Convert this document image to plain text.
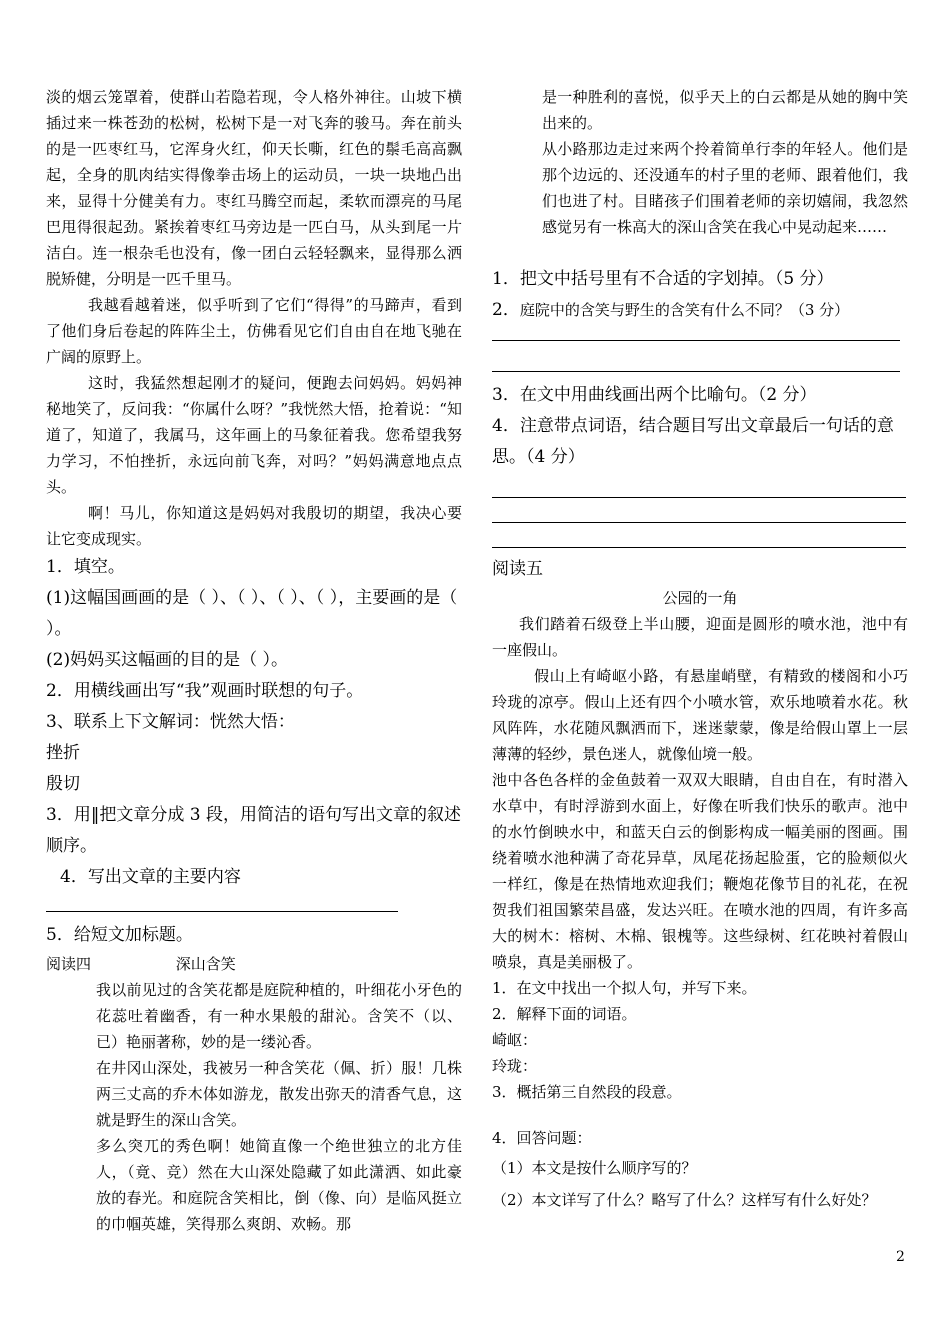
淡的烟云笼罩着，使群山若隐若现，令人格外神往。山坡下横插过来一株苍劲的松树，松树下是一对飞奔的骏马。奔在前头的是一匹枣红马，它浑身火红，仰天长嘶，红色的鬃毛高高飘起，全身的肌肉结实得像拳击场上的运动员，一块一块地凸出来，显得十分健美有力。枣红马腾空而起，柔软而漂亮的马尾巴甩得很起劲。紧挨着枣红马旁边是一匹白马，从头到尾一片洁白。连一根杂毛也没有，像一团白云轻轻飘来，显得那么洒脱矫健，分明是一匹千里马。

我越看越着迷，似乎听到了它们“得得”的马蹄声，看到了他们身后卷起的阵阵尘土，仿佛看见它们自由自在地飞驰在广阔的原野上。

这时，我猛然想起刚才的疑问，便跑去问妈妈。妈妈神秘地笑了，反问我：“你属什么呀？”我恍然大悟，抢着说：“知道了，知道了，我属马，这年画上的马象征着我。您希望我努力学习，不怕挫折，永远向前飞奔，对吗？”妈妈满意地点点头。

啊！马儿，你知道这是妈妈对我殷切的期望，我决心要让它变成现实。

1．填空。

(1)这幅国画画的是（ ）、（ ）、（ ）、（ ），主要画的是（ ）。

(2)妈妈买这幅画的目的是（ ）。

2．用横线画出写“我”观画时联想的句子。

3、联系上下文解词：恍然大悟：

挫折

殷切

3．用‖把文章分成 3 段，用简洁的语句写出文章的叙述顺序。

4．写出文章的主要内容

5．给短文加标题。

阅读四	深山含笑

我以前见过的含笑花都是庭院种植的，叶细花小牙色的花蕊吐着幽香，有一种水果般的甜沁。含笑不（以、已）艳丽著称，妙的是一缕沁香。

在井冈山深处，我被另一种含笑花（佩、折）服！几株两三丈高的乔木体如游龙，散发出弥天的清香气息，这就是野生的深山含笑。

多么突兀的秀色啊！她简直像一个绝世独立的北方佳人，（竟、竞）然在大山深处隐藏了如此潇洒、如此豪放的春光。和庭院含笑相比，倒（像、向）是临风挺立的巾帼英雄，笑得那么爽朗、欢畅。那

是一种胜利的喜悦，似乎天上的白云都是从她的胸中笑出来的。

从小路那边走过来两个拎着简单行李的年轻人。他们是那个边远的、还没通车的村子里的老师、跟着他们，我们也进了村。目睹孩子们围着老师的亲切嬉闹，我忽然感觉另有一株高大的深山含笑在我心中晃动起来……

1．把文中括号里有不合适的字划掉。（5 分）

2．庭院中的含笑与野生的含笑有什么不同？（3 分）

3．在文中用曲线画出两个比喻句。（2 分）

4．注意带点词语，结合题目写出文章最后一句话的意思。（4 分）

阅读五

公园的一角

我们踏着石级登上半山腰，迎面是圆形的喷水池，池中有一座假山。

假山上有崎岖小路，有悬崖峭壁，有精致的楼阁和小巧玲珑的凉亭。假山上还有四个小喷水管，欢乐地喷着水花。秋风阵阵，水花随风飘洒而下，迷迷蒙蒙，像是给假山罩上一层薄薄的轻纱，景色迷人，就像仙境一般。

池中各色各样的金鱼鼓着一双双大眼睛，自由自在，有时潜入水草中，有时浮游到水面上，好像在听我们快乐的歌声。池中的水竹倒映水中，和蓝天白云的倒影构成一幅美丽的图画。围绕着喷水池种满了奇花异草，凤尾花扬起脸蛋，它的脸颊似火一样红，像是在热情地欢迎我们；鞭炮花像节目的礼花，在祝贺我们祖国繁荣昌盛，发达兴旺。在喷水池的四周，有许多高大的树木：榕树、木棉、银槐等。这些绿树、红花映衬着假山喷泉，真是美丽极了。

1．在文中找出一个拟人句，并写下来。

2．解释下面的词语。

崎岖：

玲珑：

3．概括第三自然段的段意。

4．回答问题：

（1）本文是按什么顺序写的？

（2）本文详写了什么？略写了什么？这样写有什么好处？

2
